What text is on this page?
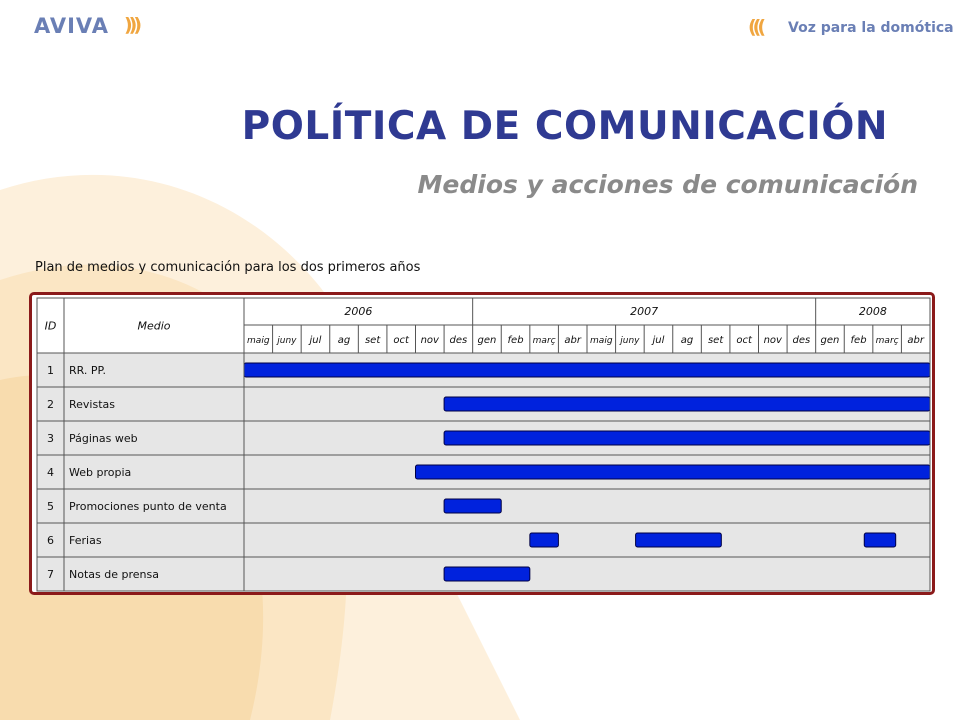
AVIVA )))	((( Voz para la domótica
POLÍTICA DE COMUNICACIÓN
Medios y acciones de comunicación
Plan de medios y comunicación para los dos primeros años
ID	Medio
2006	2007	2008
maig juny jul ag set oct nov des gen feb març abr maig juny jul ag set oct nov des gen feb març abr
1 RR. PP.
2 Revistas
3 Páginas web
4 Web propia
5 Promociones punto de venta
6 Ferias
7 Notas de prensa
